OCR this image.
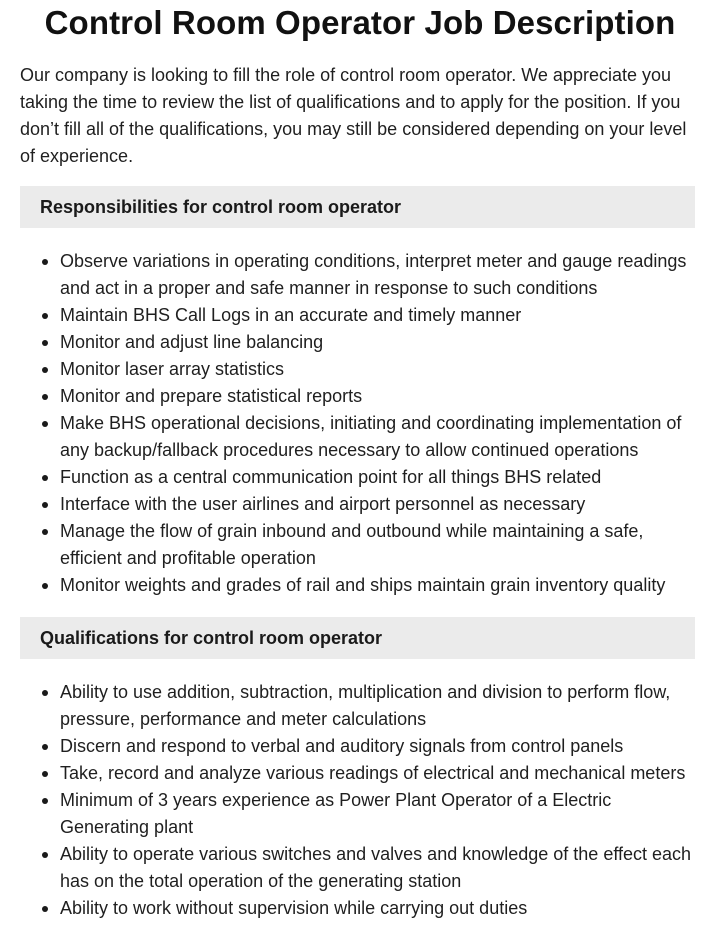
Control Room Operator Job Description

Our company is looking to fill the role of control room operator. We appreciate you taking the time to review the list of qualifications and to apply for the position. If you don’t fill all of the qualifications, you may still be considered depending on your level of experience.

Responsibilities for control room operator
Observe variations in operating conditions, interpret meter and gauge readings and act in a proper and safe manner in response to such conditions
Maintain BHS Call Logs in an accurate and timely manner
Monitor and adjust line balancing
Monitor laser array statistics
Monitor and prepare statistical reports
Make BHS operational decisions, initiating and coordinating implementation of any backup/fallback procedures necessary to allow continued operations
Function as a central communication point for all things BHS related
Interface with the user airlines and airport personnel as necessary
Manage the flow of grain inbound and outbound while maintaining a safe, efficient and profitable operation
Monitor weights and grades of rail and ships maintain grain inventory quality
Qualifications for control room operator
Ability to use addition, subtraction, multiplication and division to perform flow, pressure, performance and meter calculations
Discern and respond to verbal and auditory signals from control panels
Take, record and analyze various readings of electrical and mechanical meters
Minimum of 3 years experience as Power Plant Operator of a Electric Generating plant
Ability to operate various switches and valves and knowledge of the effect each has on the total operation of the generating station
Ability to work without supervision while carrying out duties
